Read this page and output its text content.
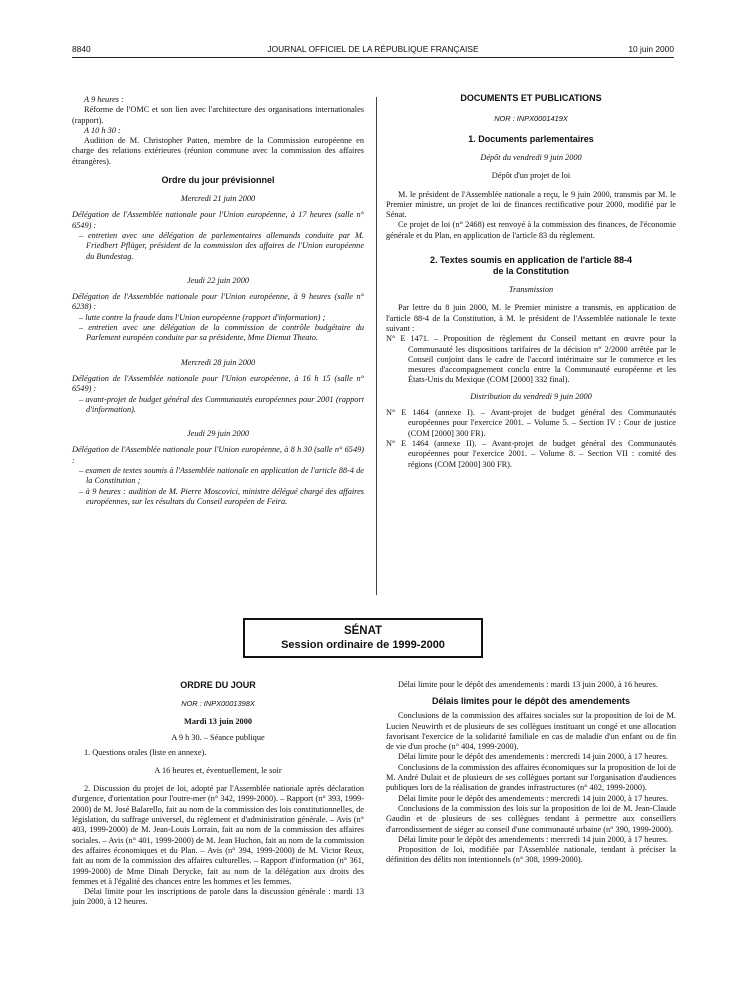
8840	JOURNAL OFFICIEL DE LA RÉPUBLIQUE FRANÇAISE	10 juin 2000

A 9 heures :

Réforme de l'OMC et son lien avec l'architecture des organisations internationales (rapport).

A 10 h 30 :

Audition de M. Christopher Patten, membre de la Commission européenne en charge des relations extérieures (réunion commune avec la commission des affaires étrangères).

Ordre du jour prévisionnel

Mercredi 21 juin 2000

Délégation de l'Assemblée nationale pour l'Union européenne, à 17 heures (salle n° 6549) :

– entretien avec une délégation de parlementaires allemands conduite par M. Friedbert Pflüger, président de la commission des affaires de l'Union européenne du Bundestag.

Jeudi 22 juin 2000

Délégation de l'Assemblée nationale pour l'Union européenne, à 9 heures (salle n° 6238) :

– lutte contre la fraude dans l'Union européenne (rapport d'information) ;

– entretien avec une délégation de la commission de contrôle budgétaire du Parlement européen conduite par sa présidente, Mme Diemut Theato.

Mercredi 28 juin 2000

Délégation de l'Assemblée nationale pour l'Union européenne, à 16 h 15 (salle n° 6549) :

– avant-projet de budget général des Communautés européennes pour 2001 (rapport d'information).

Jeudi 29 juin 2000

Délégation de l'Assemblée nationale pour l'Union européenne, à 8 h 30 (salle n° 6549) :

– examen de textes soumis à l'Assemblée nationale en application de l'article 88-4 de la Constitution ;

– à 9 heures : audition de M. Pierre Moscovici, ministre délégué chargé des affaires européennes, sur les résultats du Conseil européen de Feira.

DOCUMENTS ET PUBLICATIONS

NOR : INPX0001419X

1. Documents parlementaires

Dépôt du vendredi 9 juin 2000

Dépôt d'un projet de loi

M. le président de l'Assemblée nationale a reçu, le 9 juin 2000, transmis par M. le Premier ministre, un projet de loi de finances rectificative pour 2000, modifié par le Sénat.

Ce projet de loi (n° 2468) est renvoyé à la commission des finances, de l'économie générale et du Plan, en application de l'article 83 du règlement.

2. Textes soumis en application de l'article 88-4

de la Constitution

Transmission

Par lettre du 8 juin 2000, M. le Premier ministre a transmis, en application de l'article 88-4 de la Constitution, à M. le président de l'Assemblée nationale le texte suivant :

N° E 1471. – Proposition de règlement du Conseil mettant en œuvre pour la Communauté les dispositions tarifaires de la décision n° 2/2000 arrêtée par le Conseil conjoint dans le cadre de l'accord intérimaire sur le commerce et les mesures d'accompagnement conclu entre la Communauté européenne et les États-Unis du Mexique (COM [2000] 332 final).

Distribution du vendredi 9 juin 2000

N° E 1464 (annexe I). – Avant-projet de budget général des Communautés européennes pour l'exercice 2001. – Volume 5. – Section IV : Cour de justice (COM [2000] 300 FR).

N° E 1464 (annexe II). – Avant-projet de budget général des Communautés européennes pour l'exercice 2001. – Volume 8. – Section VII : comité des régions (COM [2000] 300 FR).

SÉNAT
Session ordinaire de 1999-2000

ORDRE DU JOUR

NOR : INPX0001398X

Mardi 13 juin 2000

A 9 h 30. – Séance publique

1. Questions orales (liste en annexe).

A 16 heures et, éventuellement, le soir

2. Discussion du projet de loi, adopté par l'Assemblée nationale après déclaration d'urgence, d'orientation pour l'outre-mer (n° 342, 1999-2000). – Rapport (n° 393, 1999-2000) de M. José Balarello, fait au nom de la commission des lois constitutionnelles, de législation, du suffrage universel, du règlement et d'administration générale. – Avis (n° 403, 1999-2000) de M. Jean-Louis Lorrain, fait au nom de la commission des affaires sociales. – Avis (n° 401, 1999-2000) de M. Jean Huchon, fait au nom de la commission des affaires économiques et du Plan. – Avis (n° 394, 1999-2000) de M. Victor Reux, fait au nom de la commission des affaires culturelles. – Rapport d'information (n° 361, 1999-2000) de Mme Dinah Derycke, fait au nom de la délégation aux droits des femmes et à l'égalité des chances entre les hommes et les femmes.

Délai limite pour les inscriptions de parole dans la discussion générale : mardi 13 juin 2000, à 12 heures.

Délai limite pour le dépôt des amendements : mardi 13 juin 2000, à 16 heures.

Délais limites pour le dépôt des amendements

Conclusions de la commission des affaires sociales sur la proposition de loi de M. Lucien Neuwirth et de plusieurs de ses collègues instituant un congé et une allocation favorisant l'exercice de la solidarité familiale en cas de maladie d'un enfant ou de fin de vie d'un proche (n° 404, 1999-2000).

Délai limite pour le dépôt des amendements : mercredi 14 juin 2000, à 17 heures.

Conclusions de la commission des affaires économiques sur la proposition de loi de M. André Dulait et de plusieurs de ses collègues portant sur l'organisation d'audiences publiques lors de la réalisation de grandes infrastructures (n° 402, 1999-2000).

Délai limite pour le dépôt des amendements : mercredi 14 juin 2000, à 17 heures.

Conclusions de la commission des lois sur la proposition de loi de M. Jean-Claude Gaudin et de plusieurs de ses collègues tendant à permettre aux conseillers d'arrondissement de siéger au conseil d'une communauté urbaine (n° 390, 1999-2000).

Délai limite pour le dépôt des amendements : mercredi 14 juin 2000, à 17 heures.

Proposition de loi, modifiée par l'Assemblée nationale, tendant à préciser la définition des délits non intentionnels (n° 308, 1999-2000).
